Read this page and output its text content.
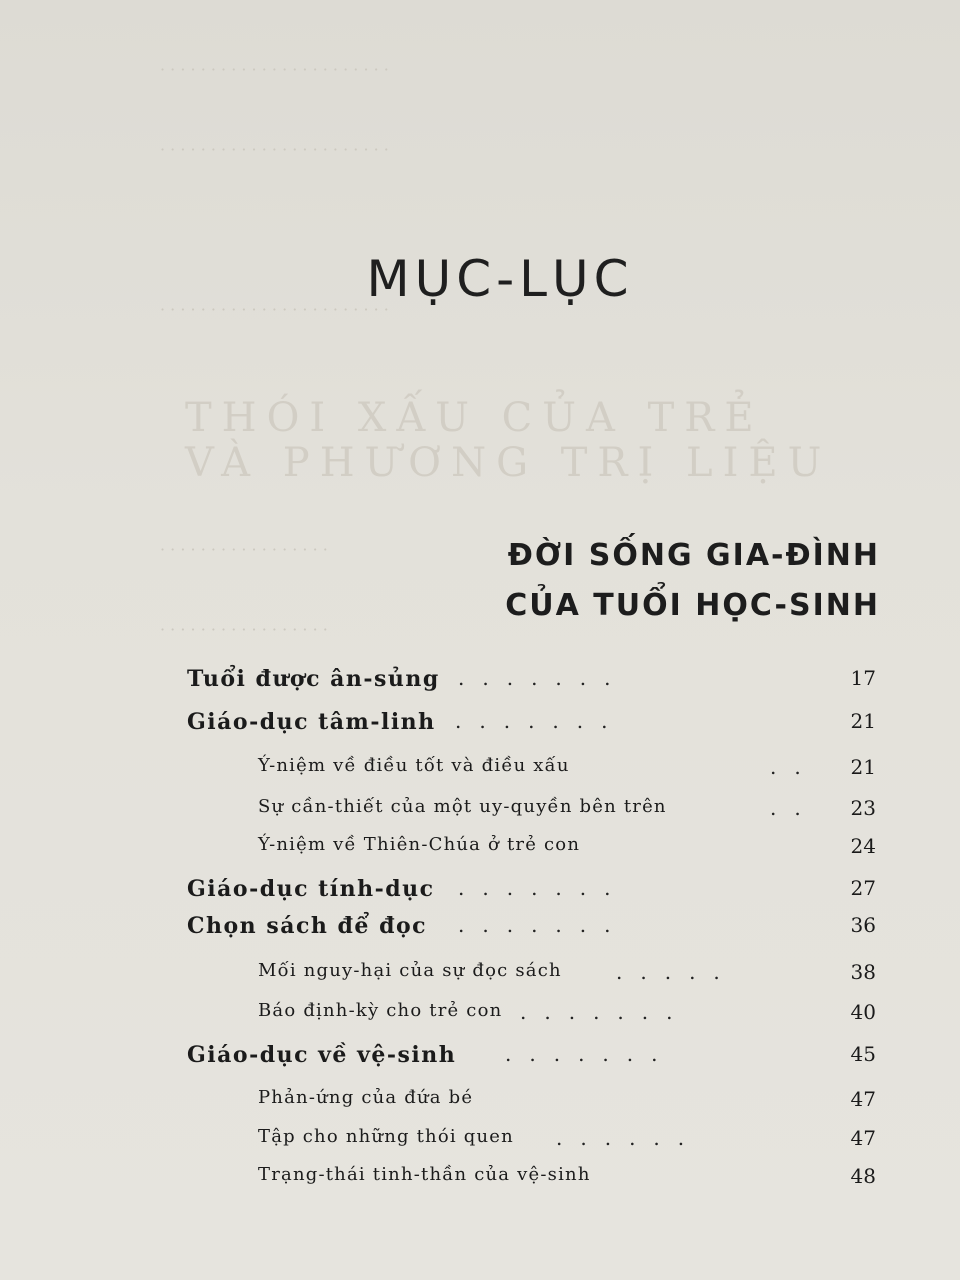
THÓI XẤU CỦA TRẺ
VÀ PHƯƠNG TRỊ LIỆU
· · · · · · · · · · · · · · · · · · · · · · ·
· · · · · · · · · · · · · · · · · · · · · · ·
· · · · · · · · · · · · · · · · · · · · · · ·
· · · · · · · · · · · · · · · · ·
· · · · · · · · · · · · · · · · ·
MỤC-LỤC
ĐỜI SỐNG GIA-ĐÌNH
CỦA TUỔI HỌC-SINH
Tuổi được ân-sủng .......	17
Giáo-dục tâm-linh .......	21
Ý-niệm về điều tốt và điều xấu	..	21
Sự cần-thiết của một uy-quyền bên trên	..	23
Ý-niệm về Thiên-Chúa ở trẻ con	24
Giáo-dục tính-dục .......	27
Chọn sách để đọc .......	36
Mối nguy-hại của sự đọc sách	.....	38
Báo định-kỳ cho trẻ con .......	40
Giáo-dục về vệ-sinh .......	45
Phản-ứng của đứa bé	47
Tập cho những thói quen ......	47
Trạng-thái tinh-thần của vệ-sinh	48
